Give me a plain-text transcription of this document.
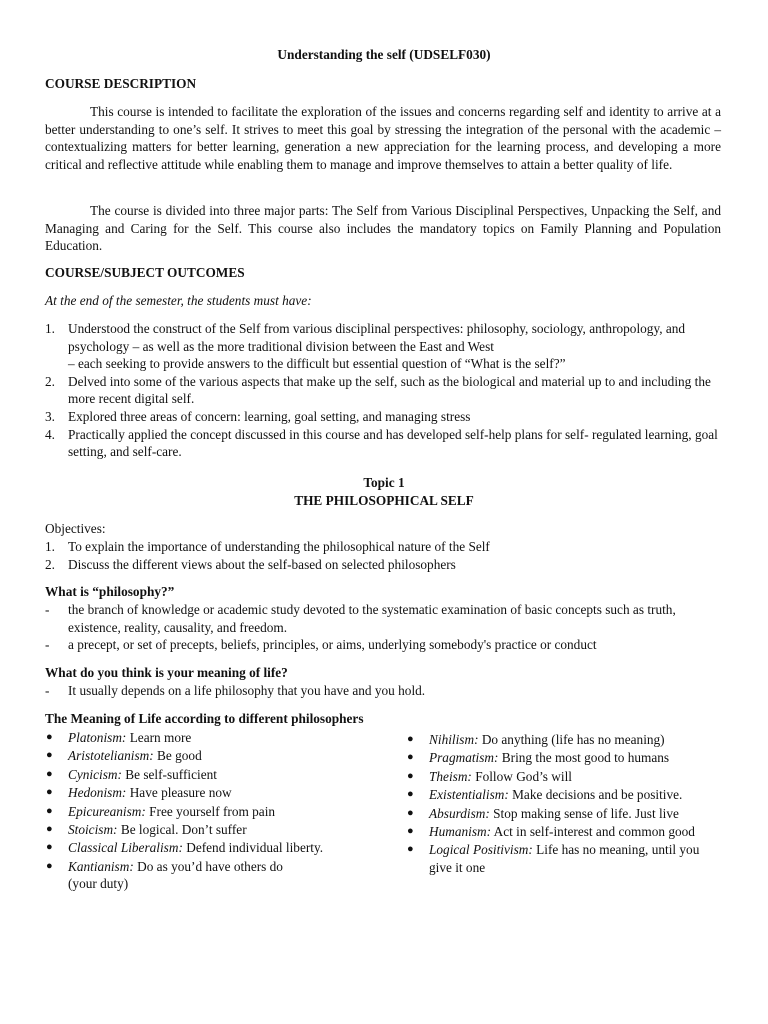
Understanding the self (UDSELF030)
COURSE DESCRIPTION

This course is intended to facilitate the exploration of the issues and concerns regarding self and identity to arrive at a better understanding to one’s self. It strives to meet this goal by stressing the integration of the personal with the academic –contextualizing matters for better learning, generation a new appreciation for the learning process, and developing a more critical and reflective attitude while enabling them to manage and improve themselves to attain a better quality of life.

The course is divided into three major parts: The Self from Various Disciplinal Perspectives, Unpacking the Self, and Managing and Caring for the Self. This course also includes the mandatory topics on Family Planning and Population Education.

COURSE/SUBJECT OUTCOMES
At the end of the semester, the students must have:
1. Understood the construct of the Self from various disciplinal perspectives: philosophy, sociology, anthropology, and psychology – as well as the more traditional division between the East and West
– each seeking to provide answers to the difficult but essential question of “What is the self?”
2. Delved into some of the various aspects that make up the self, such as the biological and material up to and including the more recent digital self.
3. Explored three areas of concern: learning, goal setting, and managing stress
4. Practically applied the concept discussed in this course and has developed self-help plans for self- regulated learning, goal setting, and self-care.
Topic 1
THE PHILOSOPHICAL SELF
Objectives:
1. To explain the importance of understanding the philosophical nature of the Self
2. Discuss the different views about the self-based on selected philosophers
What is “philosophy?”
- the branch of knowledge or academic study devoted to the systematic examination of basic concepts such as truth, existence, reality, causality, and freedom.
- a precept, or set of precepts, beliefs, principles, or aims, underlying somebody's practice or conduct
What do you think is your meaning of life?
- It usually depends on a life philosophy that you have and you hold.
The Meaning of Life according to different philosophers
● Platonism: Learn more
● Aristotelianism: Be good
● Cynicism: Be self-sufficient
● Hedonism: Have pleasure now
● Epicureanism: Free yourself from pain
● Stoicism: Be logical. Don’t suffer
● Classical Liberalism: Defend individual liberty.
● Kantianism: Do as you’d have others do (your duty)
● Nihilism: Do anything (life has no meaning)
● Pragmatism: Bring the most good to humans
● Theism: Follow God’s will
● Existentialism: Make decisions and be positive.
● Absurdism: Stop making sense of life. Just live
● Humanism: Act in self-interest and common good
● Logical Positivism: Life has no meaning, until you give it one
